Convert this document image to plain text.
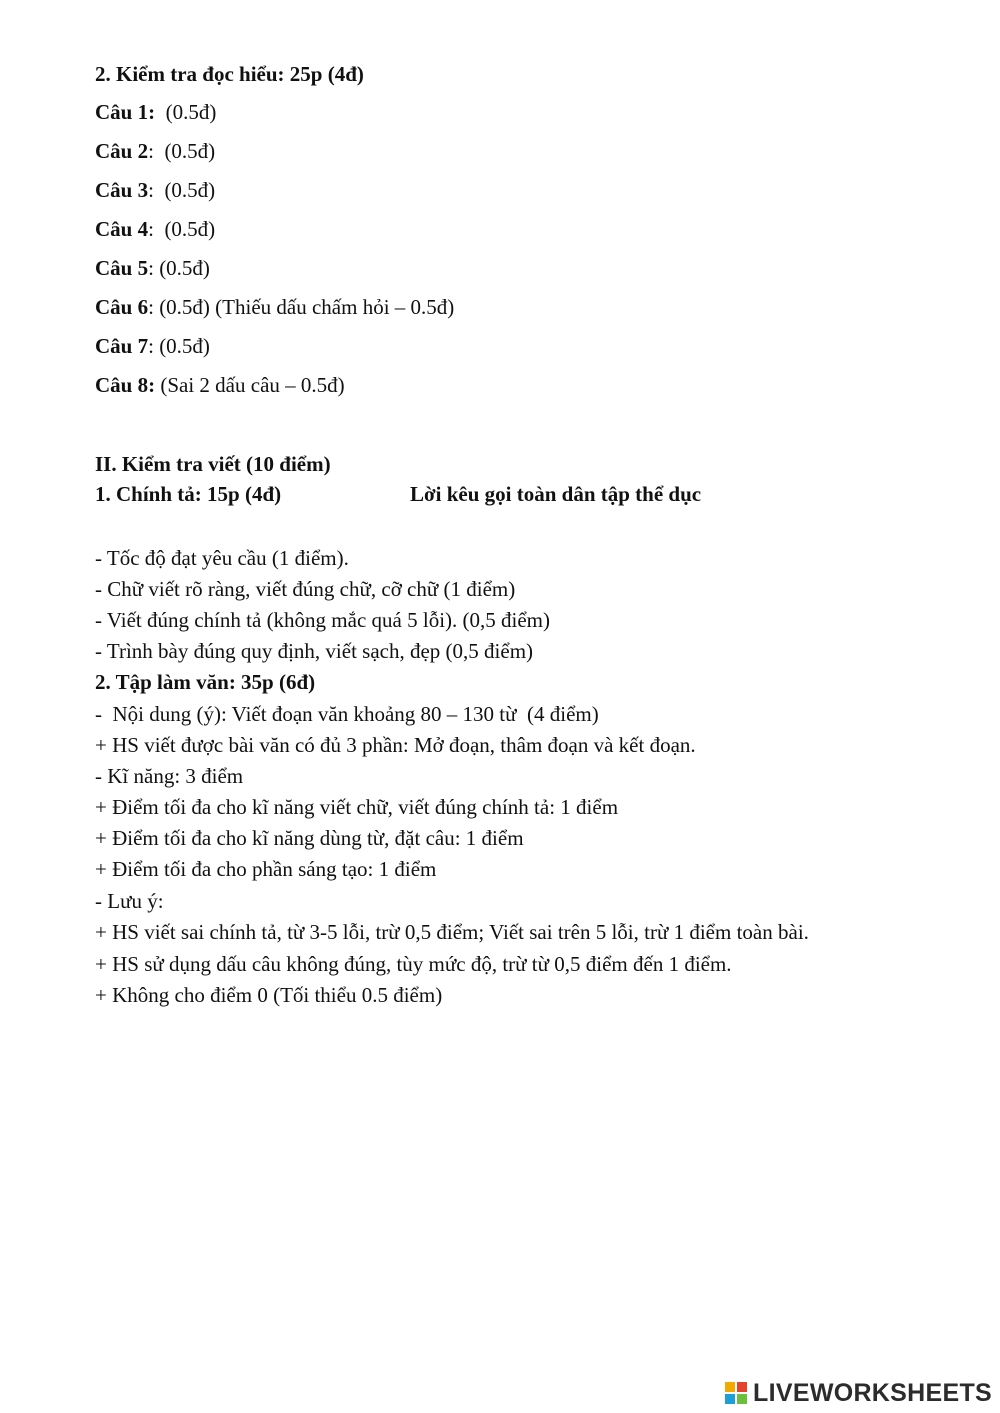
2. Kiểm tra đọc hiểu: 25p (4đ)
Câu 1:  (0.5đ)
Câu 2:  (0.5đ)
Câu 3:  (0.5đ)
Câu 4:  (0.5đ)
Câu 5: (0.5đ)
Câu 6: (0.5đ) (Thiếu dấu chấm hỏi – 0.5đ)
Câu 7: (0.5đ)
Câu 8: (Sai 2 dấu câu – 0.5đ)
II. Kiểm tra viết (10 điểm)
1. Chính tả: 15p (4đ)	Lời kêu gọi toàn dân tập thể dục
- Tốc độ đạt yêu cầu (1 điểm).
- Chữ viết rõ ràng, viết đúng chữ, cỡ chữ (1 điểm)
- Viết đúng chính tả (không mắc quá 5 lỗi). (0,5 điểm)
- Trình bày đúng quy định, viết sạch, đẹp (0,5 điểm)
2. Tập làm văn: 35p (6đ)
-  Nội dung (ý): Viết đoạn văn khoảng 80 – 130 từ  (4 điểm)
+ HS viết được bài văn có đủ 3 phần: Mở đoạn, thâm đoạn và kết đoạn.
- Kĩ năng: 3 điểm
+ Điểm tối đa cho kĩ năng viết chữ, viết đúng chính tả: 1 điểm
+ Điểm tối đa cho kĩ năng dùng từ, đặt câu: 1 điểm
+ Điểm tối đa cho phần sáng tạo: 1 điểm
- Lưu ý:
+ HS viết sai chính tả, từ 3-5 lỗi, trừ 0,5 điểm; Viết sai trên 5 lỗi, trừ 1 điểm toàn bài.
+ HS sử dụng dấu câu không đúng, tùy mức độ, trừ từ 0,5 điểm đến 1 điểm.
+ Không cho điểm 0 (Tối thiểu 0.5 điểm)
LIVEWORKSHEETS
